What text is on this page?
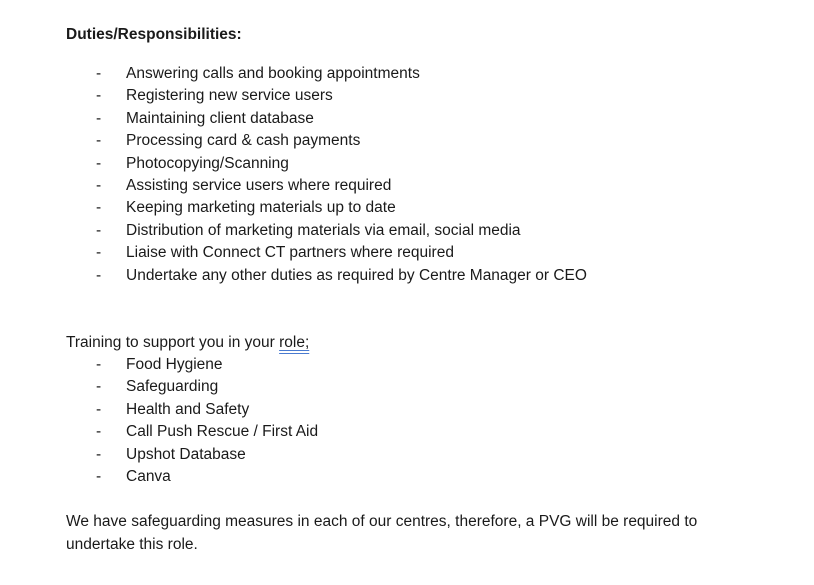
Duties/Responsibilities:
- Answering calls and booking appointments
- Registering new service users
- Maintaining client database
- Processing card & cash payments
- Photocopying/Scanning
- Assisting service users where required
- Keeping marketing materials up to date
- Distribution of marketing materials via email, social media
- Liaise with Connect CT partners where required
- Undertake any other duties as required by Centre Manager or CEO
Training to support you in your role;
- Food Hygiene
- Safeguarding
- Health and Safety
- Call Push Rescue / First Aid
- Upshot Database
- Canva
We have safeguarding measures in each of our centres, therefore, a PVG will be required to
undertake this role.
